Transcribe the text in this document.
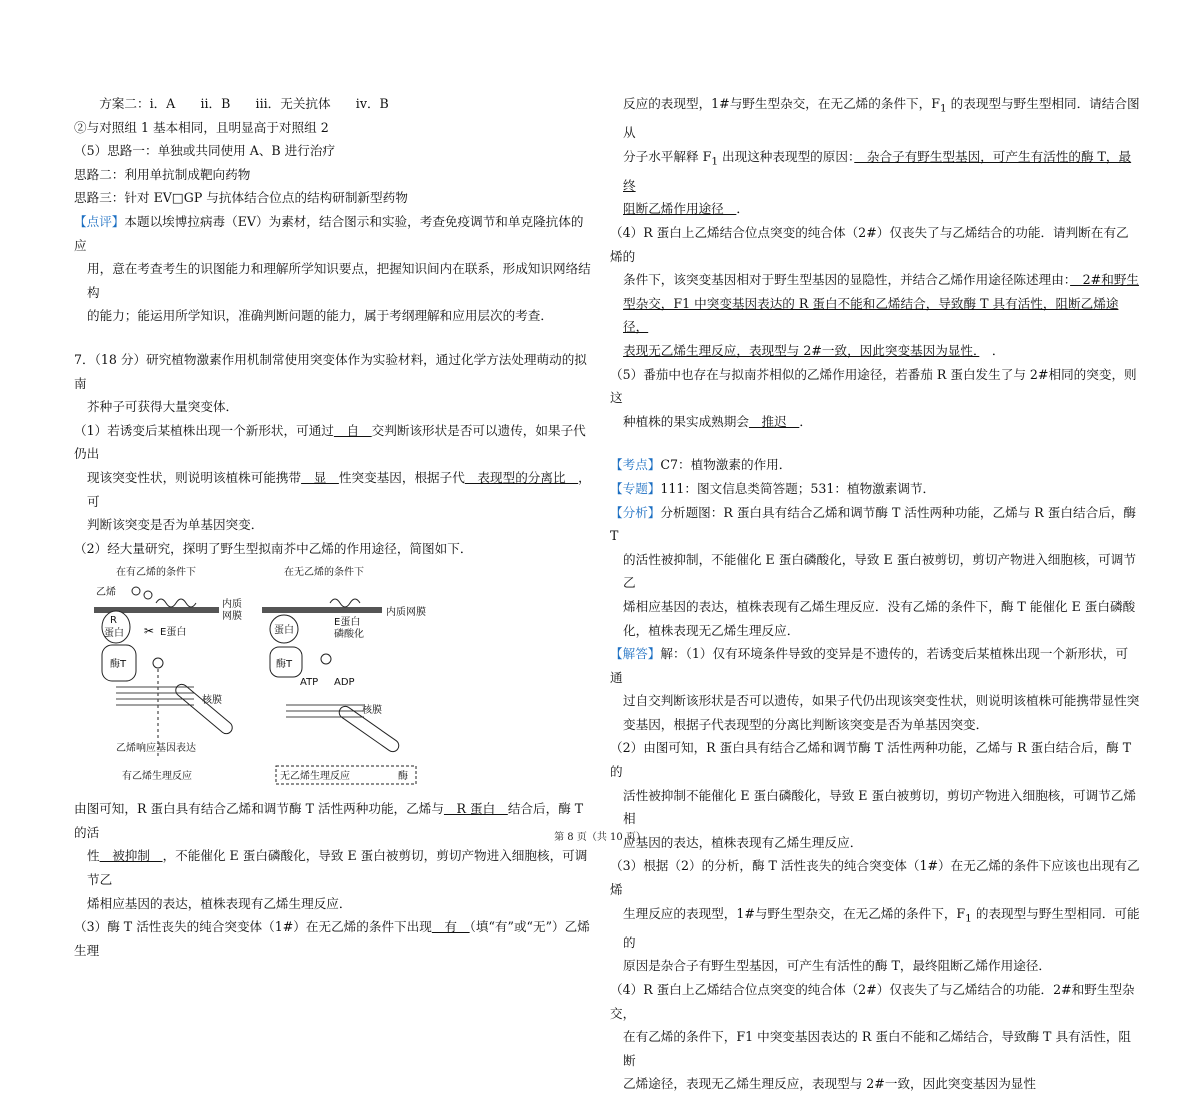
　　方案二：i．A　　ii．B　　iii．无关抗体　　iv．B

②与对照组 1 基本相同，且明显高于对照组 2

（5）思路一：单独或共同使用 A、B 进行治疗

思路二：利用单抗制成靶向药物

思路三：针对 EV□GP 与抗体结合位点的结构研制新型药物

【点评】本题以埃博拉病毒（EV）为素材，结合图示和实验，考查免疫调节和单克隆抗体的应

用，意在考查考生的识图能力和理解所学知识要点，把握知识间内在联系，形成知识网络结构

的能力；能运用所学知识，准确判断问题的能力，属于考纲理解和应用层次的考查．

7．（18 分）研究植物激素作用机制常使用突变体作为实验材料，通过化学方法处理萌动的拟南

芥种子可获得大量突变体．

（1）若诱变后某植株出现一个新形状，可通过　自　交判断该形状是否可以遗传，如果子代仍出

现该突变性状，则说明该植株可能携带　显　性突变基因，根据子代　表现型的分离比　，可

判断该突变是否为单基因突变．

（2）经大量研究，探明了野生型拟南芥中乙烯的作用途径，简图如下．

在有乙烯的条件下
乙烯
内质
网膜
R
蛋白	E蛋白
✂
酶T
核膜
乙烯响应基因表达
有乙烯生理反应
在无乙烯的条件下
内质网膜
蛋白
E蛋白
磷酸化
酶T
ATP ADP
核膜
无乙烯生理反应	酶

由图可知，R 蛋白具有结合乙烯和调节酶 T 活性两种功能，乙烯与　R 蛋白　结合后，酶 T 的活

性　被抑制　，不能催化 E 蛋白磷酸化，导致 E 蛋白被剪切，剪切产物进入细胞核，可调节乙

烯相应基因的表达，植株表现有乙烯生理反应．

（3）酶 T 活性丧失的纯合突变体（1#）在无乙烯的条件下出现　有　（填“有”或“无”）乙烯生理

反应的表现型，1#与野生型杂交，在无乙烯的条件下，$F_1$ 的表现型与野生型相同．请结合图从

分子水平解释 $F_1$ 出现这种表现型的原因：　杂合子有野生型基因，可产生有活性的酶 T，最终

阻断乙烯作用途径　．

（4）R 蛋白上乙烯结合位点突变的纯合体（2#）仅丧失了与乙烯结合的功能．请判断在有乙烯的

条件下，该突变基因相对于野生型基因的显隐性，并结合乙烯作用途径陈述理由：　2#和野生

型杂交，F1 中突变基因表达的 R 蛋白不能和乙烯结合，导致酶 T 具有活性，阻断乙烯途径，

表现无乙烯生理反应，表现型与 2#一致，因此突变基因为显性．　．

（5）番茄中也存在与拟南芥相似的乙烯作用途径，若番茄 R 蛋白发生了与 2#相同的突变，则这

种植株的果实成熟期会　推迟　．

【考点】C7：植物激素的作用．

【专题】111：图文信息类简答题；531：植物激素调节．

【分析】分析题图：R 蛋白具有结合乙烯和调节酶 T 活性两种功能，乙烯与 R 蛋白结合后，酶 T

的活性被抑制，不能催化 E 蛋白磷酸化，导致 E 蛋白被剪切，剪切产物进入细胞核，可调节乙

烯相应基因的表达，植株表现有乙烯生理反应．没有乙烯的条件下，酶 T 能催化 E 蛋白磷酸

化，植株表现无乙烯生理反应．

【解答】解：（1）仅有环境条件导致的变异是不遗传的，若诱变后某植株出现一个新形状，可通

过自交判断该形状是否可以遗传，如果子代仍出现该突变性状，则说明该植株可能携带显性突

变基因，根据子代表现型的分离比判断该突变是否为单基因突变．

（2）由图可知，R 蛋白具有结合乙烯和调节酶 T 活性两种功能，乙烯与 R 蛋白结合后，酶 T 的

活性被抑制不能催化 E 蛋白磷酸化，导致 E 蛋白被剪切，剪切产物进入细胞核，可调节乙烯相

应基因的表达，植株表现有乙烯生理反应．

（3）根据（2）的分析，酶 T 活性丧失的纯合突变体（1#）在无乙烯的条件下应该也出现有乙烯

生理反应的表现型，1#与野生型杂交，在无乙烯的条件下，$F_1$ 的表现型与野生型相同．可能的

原因是杂合子有野生型基因，可产生有活性的酶 T，最终阻断乙烯作用途径．

（4）R 蛋白上乙烯结合位点突变的纯合体（2#）仅丧失了与乙烯结合的功能．2#和野生型杂交，

在有乙烯的条件下，F1 中突变基因表达的 R 蛋白不能和乙烯结合，导致酶 T 具有活性，阻断

乙烯途径，表现无乙烯生理反应，表现型与 2#一致，因此突变基因为显性

第 8 页（共 10 页）
